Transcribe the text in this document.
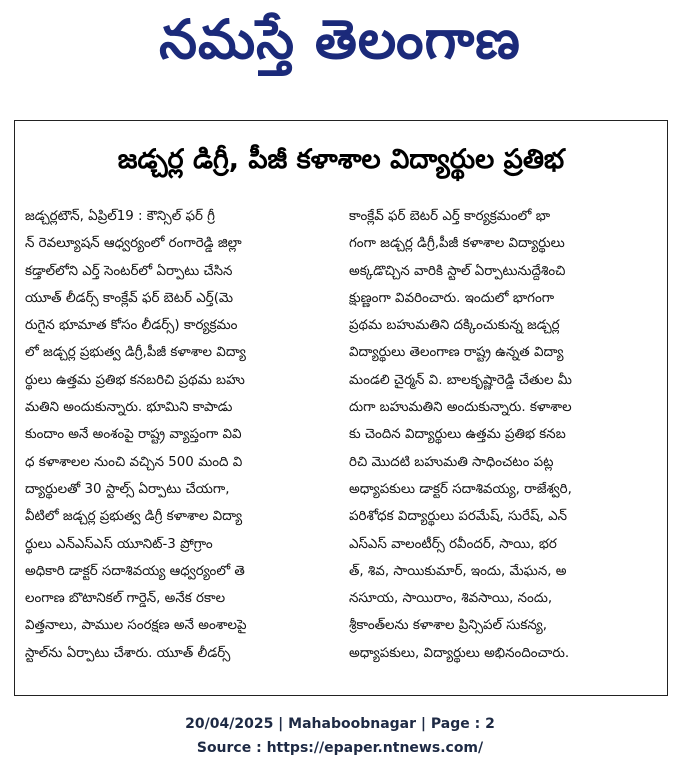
నమస్తే తెలంగాణ
జడ్చర్ల డిగ్రీ, పీజీ కళాశాల విద్యార్థుల ప్రతిభ
జడ్చర్లటౌన్, ఏప్రిల్19 : కౌన్సిల్ ఫర్ గ్రీ
న్ రెవల్యూషన్ ఆధ్వర్యంలో రంగారెడ్డి జిల్లా
కడ్తాల్‌లోని ఎర్త్ సెంటర్‌లో ఏర్పాటు చేసిన
యూత్ లీడర్స్ కాంక్లేవ్ ఫర్ బెటర్ ఎర్త్(మె
రుగైన భూమాత కోసం లీడర్స్) కార్యక్రమం
లో జడ్చర్ల ప్రభుత్వ డిగ్రీ,పీజీ కళాశాల విద్యా
ర్థులు ఉత్తమ ప్రతిభ కనబరిచి ప్రథమ బహు
మతిని అందుకున్నారు. భూమిని కాపాడు
కుందాం అనే అంశంపై రాష్ట్ర వ్యాప్తంగా వివి
ధ కళాశాలల నుంచి వచ్చిన 500 మంది వి
ద్యార్థులతో 30 స్టాల్స్ ఏర్పాటు చేయగా,
వీటిలో జడ్చర్ల ప్రభుత్వ డిగ్రీ కళాశాల విద్యా
ర్థులు ఎన్ఎస్ఎస్ యూనిట్-3 ప్రోగ్రాం
అధికారి డాక్టర్ సదాశివయ్య ఆధ్వర్యంలో తె
లంగాణ బొటానికల్ గార్డెన్, అనేక రకాల
విత్తనాలు, పాముల సంరక్షణ అనే అంశాలపై
స్టాల్‌ను ఏర్పాటు చేశారు. యూత్ లీడర్స్
కాంక్లేవ్ ఫర్ బెటర్ ఎర్త్ కార్యక్రమంలో భా
గంగా జడ్చర్ల డిగ్రీ,పీజీ కళాశాల విద్యార్థులు
అక్కడొచ్చిన వారికి స్టాల్ ఏర్పాటునుద్దేశించి
క్షుణ్ణంగా వివరించారు. ఇందులో భాగంగా
ప్రథమ బహుమతిని దక్కించుకున్న జడ్చర్ల
విద్యార్థులు తెలంగాణ రాష్ట్ర ఉన్నత విద్యా
మండలి చైర్మన్ వి. బాలకృష్ణారెడ్డి చేతుల మీ
దుగా బహుమతిని అందుకున్నారు. కళాశాల
కు చెందిన విద్యార్థులు ఉత్తమ ప్రతిభ కనబ
రిచి మొదటి బహుమతి సాధించటం పట్ల
అధ్యాపకులు డాక్టర్ సదాశివయ్య, రాజేశ్వరి,
పరిశోధక విద్యార్థులు పరమేష్, సురేష్, ఎన్
ఎస్ఎస్ వాలంటీర్స్ రవీందర్, సాయి, భర
త్, శివ, సాయికుమార్, ఇందు, మేఘన, అ
నసూయ, సాయిరాం, శివసాయి, నందు,
శ్రీకాంత్‌లను కళాశాల ప్రిన్సిపల్ సుకన్య,
అధ్యాపకులు, విద్యార్థులు అభినందించారు.
20/04/2025 | Mahaboobnagar | Page : 2
Source : https://epaper.ntnews.com/
